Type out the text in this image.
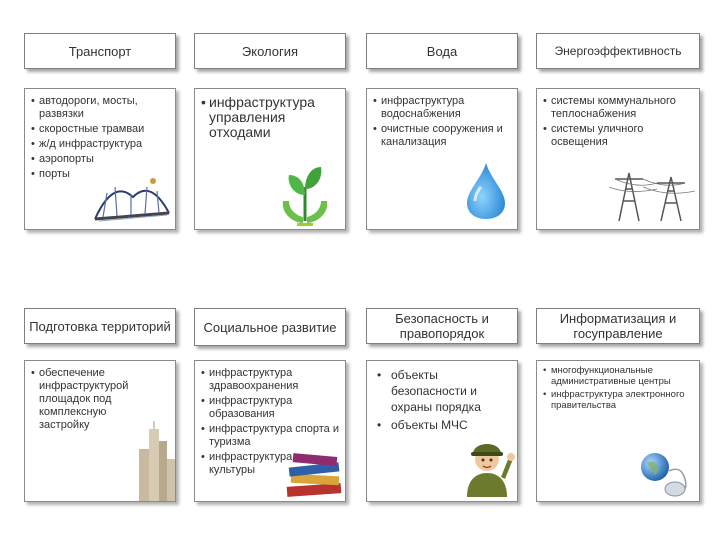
Транспорт	Экология	Вода	Энергоэффективность
• автодороги, мосты, развязки
• скоростные трамваи
• ж/д инфраструктура
• аэропорты
• порты
• инфраструктура управления отходами
• инфраструктура водоснабжения
• очистные сооружения и канализация
• системы коммунального теплоснабжения
• системы уличного освещения
Подготовка территорий	Социальное развитие
Безопасность и правопорядок
Информатизация и госуправление
• обеспечение инфраструктурой площадок под комплексную застройку
• инфраструктура здравоохранения
• инфраструктура образования
• инфраструктура спорта и туризма
• инфраструктура культуры
• объекты безопасности и охраны порядка
• объекты МЧС
• многофункциональные административные центры
• инфраструктура электронного правительства
